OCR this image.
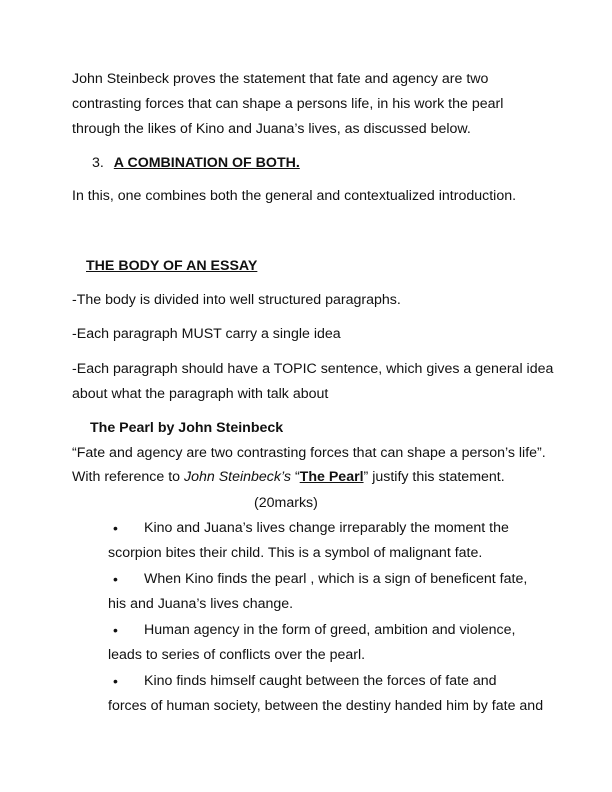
John Steinbeck proves the statement that fate and agency are two
contrasting forces that can shape a persons life, in his work the pearl
through the likes of Kino and Juana’s lives, as discussed below.
3. A COMBINATION OF BOTH.
In this, one combines both the general and contextualized introduction.
THE BODY OF AN ESSAY
-The body is divided into well structured paragraphs.
-Each paragraph MUST carry a single idea
-Each paragraph should have a TOPIC sentence, which gives a general idea
about what the paragraph with talk about
The Pearl by John Steinbeck
“Fate and agency are two contrasting forces that can shape a person’s life”.
With reference to John Steinbeck’s “The Pearl” justify this statement.
(20marks)
• Kino and Juana’s lives change irreparably the moment the
scorpion bites their child. This is a symbol of malignant fate.
• When Kino finds the pearl , which is a sign of beneficent fate,
his and Juana’s lives change.
• Human agency in the form of greed, ambition and violence,
leads to series of conflicts over the pearl.
• Kino finds himself caught between the forces of fate and
forces of human society, between the destiny handed him by fate and
